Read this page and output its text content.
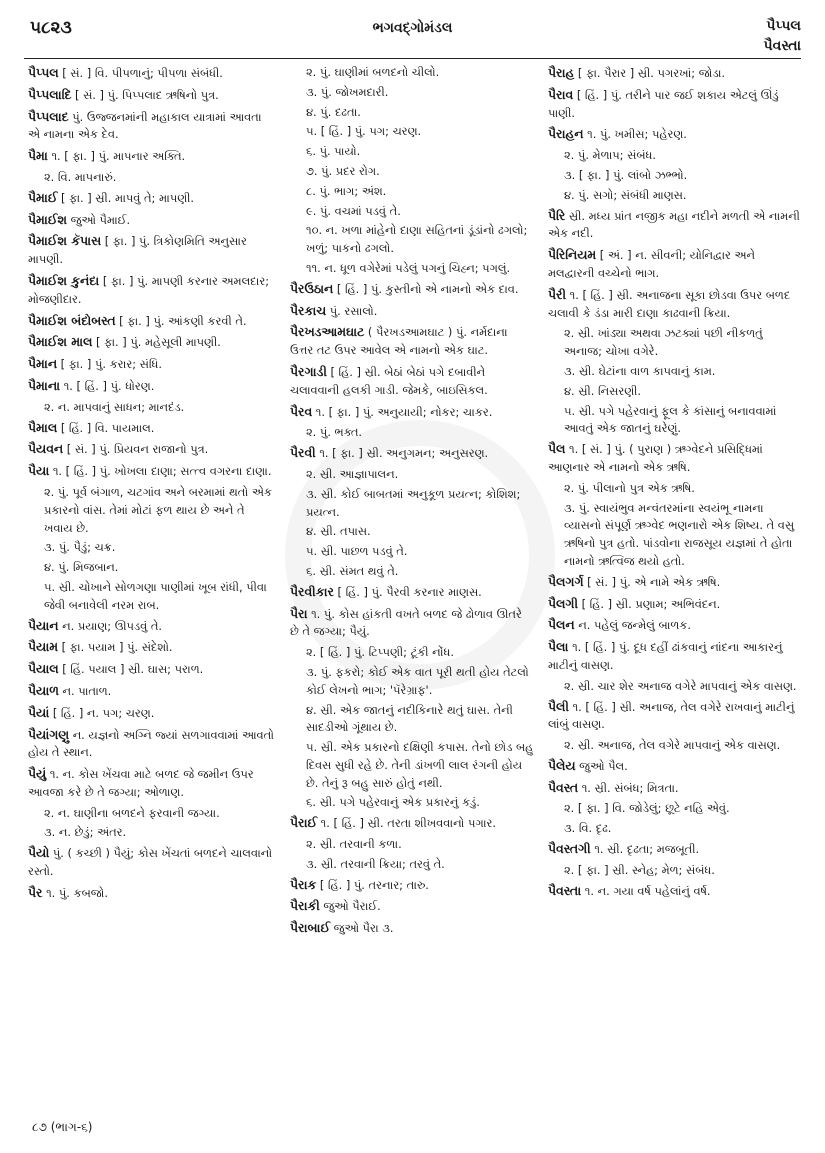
૫૮૨૩	ભગવદ્ગોમંડલ	પૈપ્પલ
પૈવસ્તા

પૈપ્પલ [ સં. ] વિ. પીપળાનું; પીપળા સંબંધી.

પૈપ્પલાદિ [ સં. ] પું. પિપ્પલાદ ઋષિનો પુત્ર.

પૈપ્પલાદ પું. ઉજ્જનમાંની મહાકાલ યાત્રામાં આવતા એ નામના એક દેવ.

પૈમા ૧. [ ફા. ] પું. માપનાર અક્તિ.

૨. વિ. માપનારું.

પૈમાઈ [ ફા. ] સ્રી. માપવું તે; માપણી.

પૈમાઈશ જુઓ પૈમાઈ.

પૈમાઈશ કૅપાસ [ ફા. ] પું. ત્રિકોણમિતિ અનુસાર માપણી.

પૈમાઈશ કુનંદા [ ફા. ] પું. માપણી કરનાર અમલદાર; મોજણીદાર.

પૈમાઈશ બંદોબસ્ત [ ફા. ] પું. આંકણી કરવી તે.

પૈમાઈશ માલ [ ફા. ] પું. મહેસૂલી માપણી.

પૈમાન [ ફા. ] પું. કરાર; સંધિ.

પૈમાના ૧. [ હિં. ] પું. ધોરણ.

૨. ન. માપવાનું સાધન; માનદંડ.

પૈમાલ [ હિં. ] વિ. પાયમાલ.

પૈયવન [ સં. ] પું. પ્રિયવન રાજાનો પુત્ર.

પૈયા ૧. [ હિં. ] પું. ખોખલા દાણા; સત્ત્વ વગરના દાણા.

૨. પું. પૂર્વ બંગાળ, ચટગાંવ અને બરમામાં થતો એક પ્રકારનો વાંસ. તેમાં મોટાં ફળ થાય છે અને તે ખવાય છે.

૩. પું. પૈડું; ચક્ર.

૪. પું. મિજબાન.

૫. સ્રી. ચોખાને સોળગણા પાણીમાં ખૂબ રાંધી, પીવા જેવી બનાવેલી નરમ રાબ.

પૈયાન ન. પ્રયાણ; ઊપડવું તે.

પૈયામ [ ફા. પયામ ] પું. સંદેશો.

પૈયાલ [ હિં. પયાલ ] સ્રી. ઘાસ; પરાળ.

પૈયાળ ન. પાતાળ.

પૈયાં [ હિં. ] ન. પગ; ચરણ.

પૈયાંગણુ ન. યજ્ઞનો અગ્નિ જ્યાં સળગાવવામાં આવતો હોય તે સ્થાન.

પૈયું ૧. ન. કોસ ખેંચવા માટે બળદ જે જમીન ઉપર આવજા કરે છે તે જગ્યા; ઓળાણ.

૨. ન. ઘાણીના બળદને ફરવાની જગ્યા.

૩. ન. છેડું; અંતર.

પૈયો પું. ( કચ્છી ) પૈયું; કોસ ખેંચતાં બળદને ચાલવાનો રસ્તો.

પૈર ૧. પું. કબજો.

૨. પું. ઘાણીમાં બળદનો ચીલો.

૩. પું. જોખમદારી.

૪. પું. દઢતા.

૫. [ હિં. ] પું. પગ; ચરણ.

૬. પું. પાયો.

૭. પું. પ્રદર રોગ.

૮. પું. ભાગ; અંશ.

૯. પું. વચમાં પડવું તે.

૧૦. ન. ખળા માંહેનો દાણા સહિતનાં ડૂંડાંનો ઢગલો; ખળું; પાકનો ઢગલો.

૧૧. ન. ધૂળ વગેરેમાં પડેલું પગનું ચિહ્ન; પગલું.

પૈરઉઠાન [ હિં. ] પું. કુસ્તીનો એ નામનો એક દાવ.

પૈરકાચ પું. રસાલો.

પૈરખડઆમઘાટ ( પૈરખડઆમઘાટ ) પું. નર્મદાના ઉત્તર તટ ઉપર આવેલ એ નામનો એક ઘાટ.

પૈરગાડી [ હિં. ] સ્રી. બેઠાં બેઠાં પગે દબાવીને ચલાવવાની હલકી ગાડી. જેમકે, બાઇસિકલ.

પૈરવ ૧. [ ફા. ] પું. અનુયાયી; નોકર; ચાકર.

૨. પું. ભક્ત.

પૈરવી ૧. [ ફા. ] સ્રી. અનુગમન; અનુસરણ.

૨. સ્રી. આજ્ઞાપાલન.

૩. સ્રી. કોઈ બાબતમાં અનુકૂળ પ્રયત્ન; કોશિશ; પ્રયત્ન.

૪. સ્રી. તપાસ.

૫. સ્રી. પાછળ પડવું તે.

૬. સ્રી. સંમત થવું તે.

પૈરવીકાર [ હિં. ] પું. પૈરવી કરનાર માણસ.

પૈરા ૧. પું. કોસ હાંકતી વખતે બળદ જે ઢોળાવ ઊતરે છે તે જગ્યા; પૈયું.

૨. [ હિં. ] પું. ટિપ્પણી; ટૂંકી નોંધ.

૩. પું. ફકરો; કોઈ એક વાત પૂરી થતી હોય તેટલો કોઈ લેખનો ભાગ; 'પૅરેગ્રાફ'.

૪. સ્રી. એક જાતનું નદીકિનારે થતું ઘાસ. તેની સાદડીઓ ગૂંથાય છે.

૫. સ્રી. એક પ્રકારનો દક્ષિણી કપાસ. તેનો છોડ બહુ દિવસ સુધી રહે છે. તેની ડાંખળી લાલ રંગની હોય છે. તેનું રૂ બહુ સારું હોતું નથી.

૬. સ્રી. પગે પહેરવાનું એક પ્રકારનું કડું.

પૈરાઈ ૧. [ હિં. ] સ્રી. તરતા શીખવવાનો પગાર.

૨. સ્રી. તરવાની કળા.

૩. સ્રી. તરવાની ક્રિયા; તરવું તે.

પૈરાક [ હિં. ] પું. તરનાર; તારુ.

પૈરાકી જુઓ પૈરાઈ.

પૈરાબાઈ જુઓ પૈરા ૩.

પૈરાહ [ ફા. પૈરાર ] સ્રી. પગરખાં; જોડા.

પૈરાવ [ હિં. ] પું. તરીને પાર જઈ શકાય એટલું ઊંડું પાણી.

પૈરાહન ૧. પું. ખમીસ; પહેરણ.

૨. પું. મેળાપ; સંબંધ.

૩. [ ફા. ] પું. લાંબો ઝભ્ભો.

૪. પું. સગો; સંબંધી માણસ.

પૈરિ સ્રી. મધ્ય પ્રાંત નજીક મહા નદીને મળતી એ નામની એક નદી.

પૈરિનિયમ [ અં. ] ન. સીવની; યોનિદ્વાર અને મલદ્વારની વચ્ચેનો ભાગ.

પૈરી ૧. [ હિં. ] સ્રી. અનાજના સૂકા છોડવા ઉપર બળદ ચલાવી કે ડંડા મારી દાણા કાઢવાની ક્રિયા.

૨. સ્રી. ખાંડ્યા અથવા ઝટક્યાં પછી નીકળતું અનાજ; ચોખા વગેરે.

૩. સ્રી. ઘેટાંના વાળ કાપવાનું કામ.

૪. સ્રી. નિસરણી.

૫. સ્રી. પગે પહેરવાનું ફૂલ કે કાંસાનું બનાવવામાં આવતું એક જાતનું ઘરેણું.

પૈલ ૧. [ સં. ] પું. ( પુરાણ ) ઋગ્વેદને પ્રસિદ્ધિમાં આણનાર એ નામનો એક ઋષિ.

૨. પું. પીલાનો પુત્ર એક ઋષિ.

૩. પું. સ્વાયંભુવ મન્વંતરમાંના સ્વયંભૂ નામના વ્યાસનો સંપૂર્ણ ઋગ્વેદ ભણનારો એક શિષ્ય. તે વસુ ઋષિનો પુત્ર હતો. પાંડવોના રાજસૂય યજ્ઞમાં તે હોતા નામનો ઋત્વિજ થયો હતો.

પૈલગર્ગ [ સં. ] પું. એ નામે એક ઋષિ.

પૈલગી [ હિં. ] સ્રી. પ્રણામ; અભિવંદન.

પૈલન ન. પહેલું જન્મેલું બાળક.

પૈલા ૧. [ હિં. ] પું. દૂધ દહીં ઢાંકવાનું નાંદના આકારનું માટીનું વાસણ.

૨. સ્રી. ચાર શેર અનાજ વગેરે માપવાનું એક વાસણ.

પૈલી ૧. [ હિં. ] સ્રી. અનાજ, તેલ વગેરે રાખવાનું માટીનું લાંબું વાસણ.

૨. સ્રી. અનાજ, તેલ વગેરે માપવાનું એક વાસણ.

પૈલેય જુઓ પૈલ.

પૈવસ્ત ૧. સ્રી. સંબંધ; મિત્રતા.

૨. [ ફા. ] વિ. જોડેલું; છૂટે નહિ એવું.

૩. વિ. દૃઢ.

પૈવસ્તગી ૧. સ્રી. દૃઢતા; મજબૂતી.

૨. [ ફા. ] સ્રી. સ્નેહ; મેળ; સંબંધ.

પૈવસ્તા ૧. ન. ગયા વર્ષ પહેલાંનું વર્ષ.

૮૭ (ભાગ-૬)
